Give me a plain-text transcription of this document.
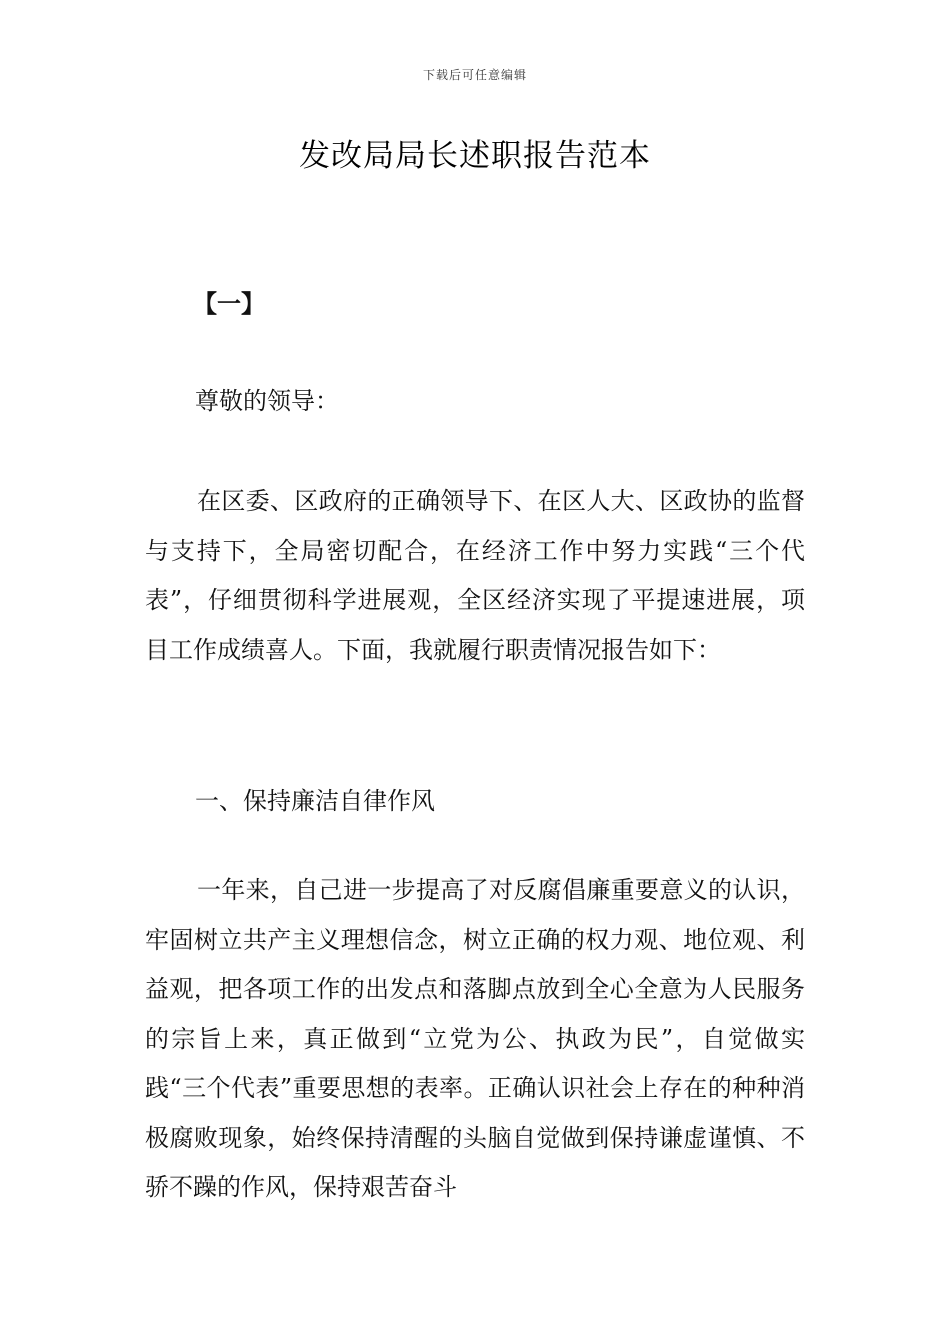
下载后可任意编辑
发改局局长述职报告范本
【一】
尊敬的领导：

在区委、区政府的正确领导下、在区人大、区政协的监督与支持下，全局密切配合，在经济工作中努力实践“三个代表”，仔细贯彻科学进展观，全区经济实现了平提速进展，项目工作成绩喜人。下面，我就履行职责情况报告如下：

一、保持廉洁自律作风

一年来，自己进一步提高了对反腐倡廉重要意义的认识，牢固树立共产主义理想信念，树立正确的权力观、地位观、利益观，把各项工作的出发点和落脚点放到全心全意为人民服务的宗旨上来，真正做到“立党为公、执政为民”，自觉做实践“三个代表”重要思想的表率。正确认识社会上存在的种种消极腐败现象，始终保持清醒的头脑自觉做到保持谦虚谨慎、不骄不躁的作风，保持艰苦奋斗
